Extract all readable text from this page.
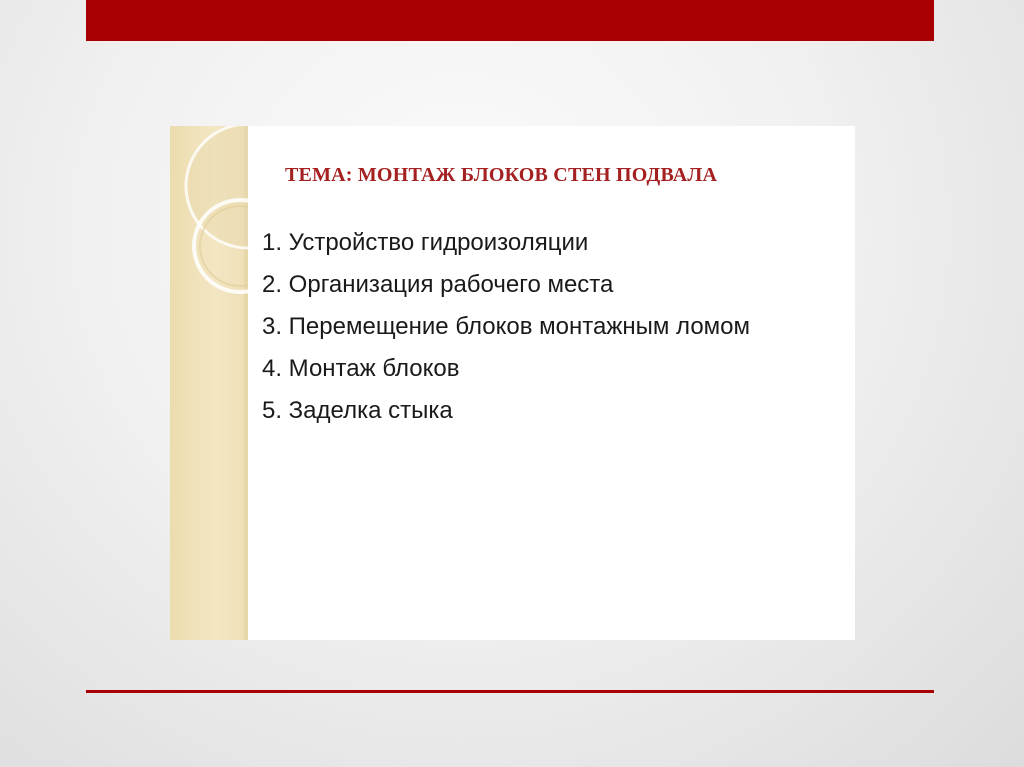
ТЕМА: МОНТАЖ БЛОКОВ СТЕН ПОДВАЛА
1. Устройство гидроизоляции
2. Организация рабочего места
3. Перемещение блоков монтажным ломом
4. Монтаж блоков
5. Заделка стыка
